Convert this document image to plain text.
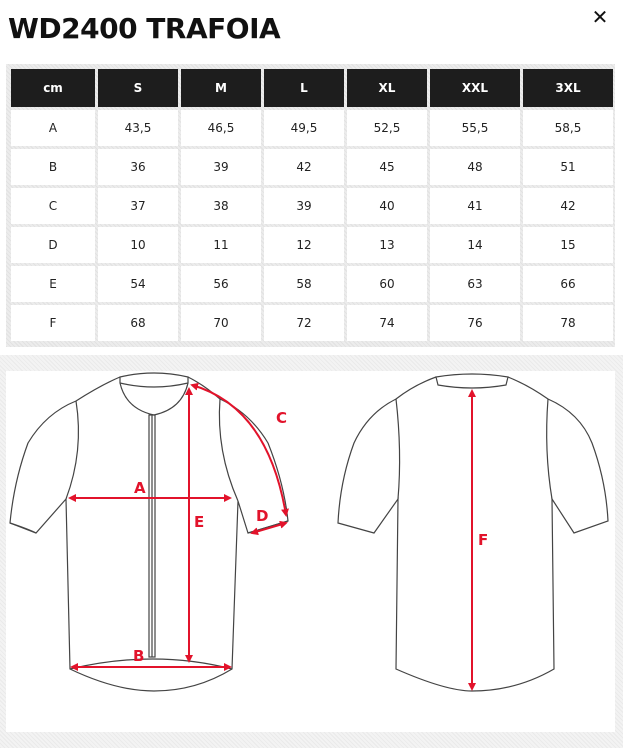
WD2400 TRAFOIA	✕
cm	S	M	L	XL	XXL	3XL
A	43,5	46,5	49,5	52,5	55,5	58,5
B	36	39	42	45	48	51
C	37	38	39	40	41	42
D	10	11	12	13	14	15
E	54	56	58	60	63	66
F	68	70	72	74	76	78
A
B
E
C
D
F
